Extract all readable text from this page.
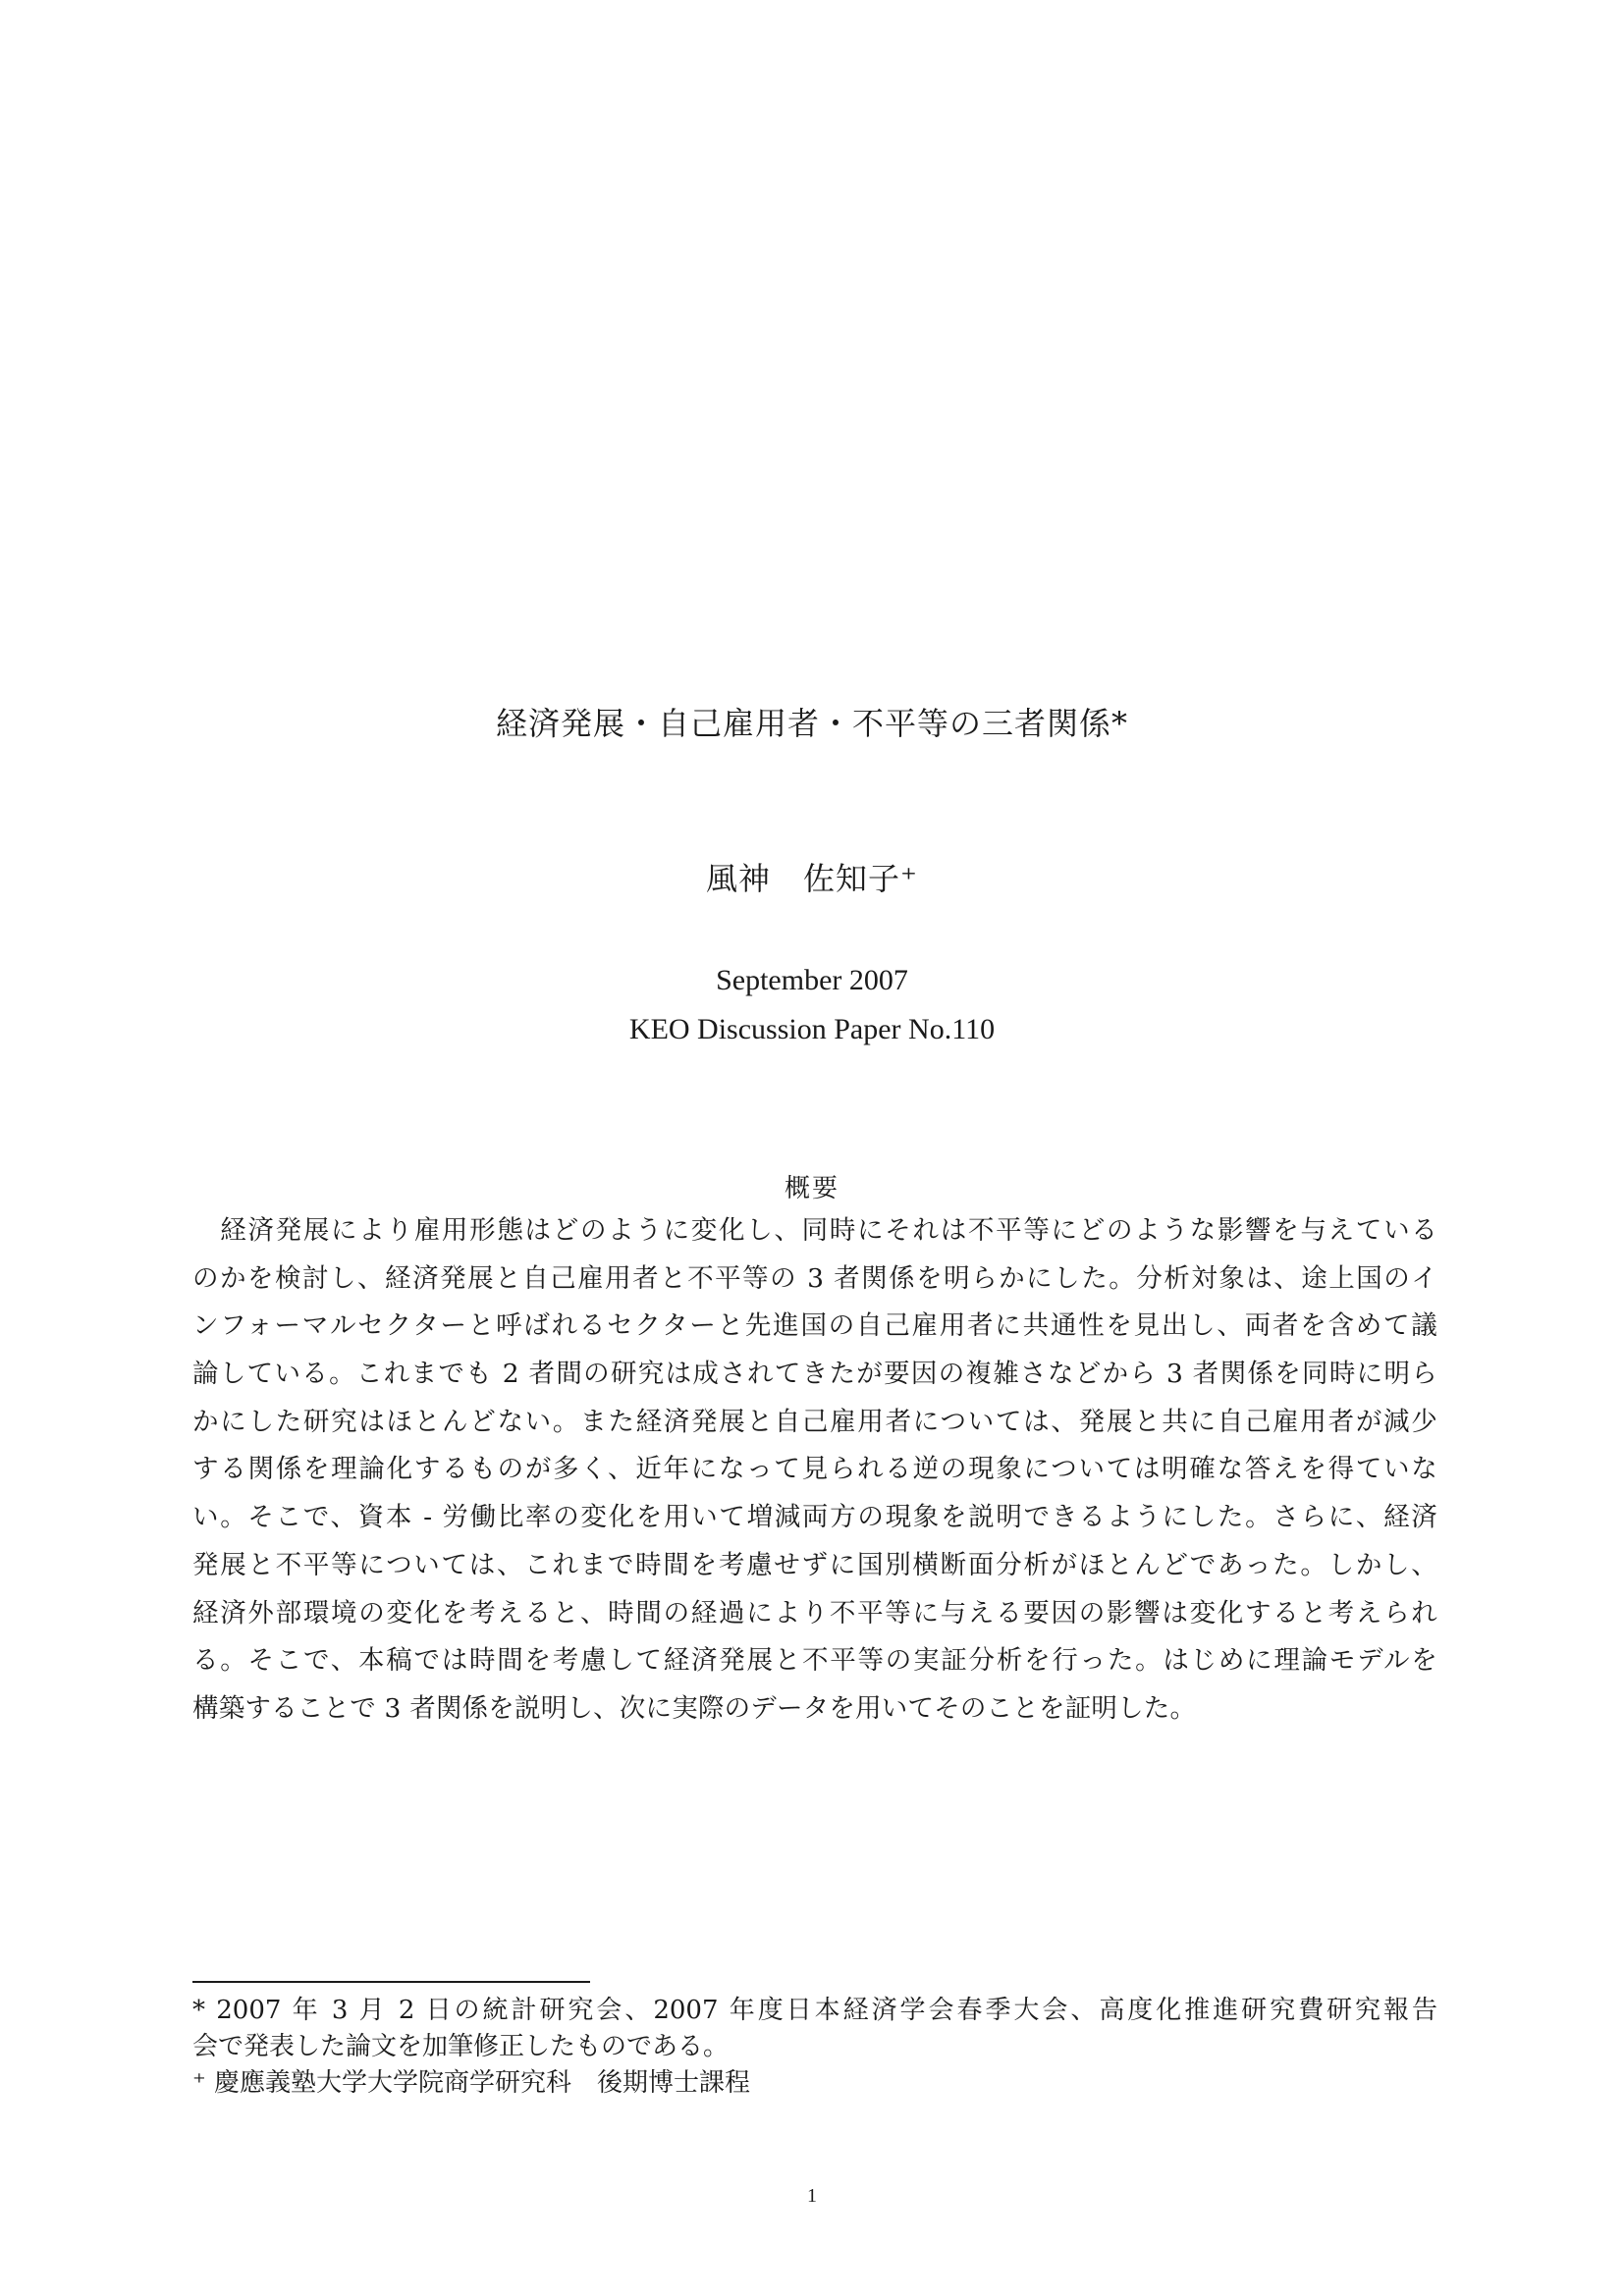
経済発展・自己雇用者・不平等の三者関係*
風神　佐知子⁺
September 2007
KEO Discussion Paper No.110
概要
　経済発展により雇用形態はどのように変化し、同時にそれは不平等にどのような影響を与えている
のかを検討し、経済発展と自己雇用者と不平等の 3 者関係を明らかにした。分析対象は、途上国のイ
ンフォーマルセクターと呼ばれるセクターと先進国の自己雇用者に共通性を見出し、両者を含めて議
論している。これまでも 2 者間の研究は成されてきたが要因の複雑さなどから 3 者関係を同時に明ら
かにした研究はほとんどない。また経済発展と自己雇用者については、発展と共に自己雇用者が減少
する関係を理論化するものが多く、近年になって見られる逆の現象については明確な答えを得ていな
い。そこで、資本 - 労働比率の変化を用いて増減両方の現象を説明できるようにした。さらに、経済
発展と不平等については、これまで時間を考慮せずに国別横断面分析がほとんどであった。しかし、
経済外部環境の変化を考えると、時間の経過により不平等に与える要因の影響は変化すると考えられ
る。そこで、本稿では時間を考慮して経済発展と不平等の実証分析を行った。はじめに理論モデルを
構築することで 3 者関係を説明し、次に実際のデータを用いてそのことを証明した。
* 2007 年 3 月 2 日の統計研究会、2007 年度日本経済学会春季大会、高度化推進研究費研究報告
会で発表した論文を加筆修正したものである。
⁺ 慶應義塾大学大学院商学研究科　後期博士課程
1
